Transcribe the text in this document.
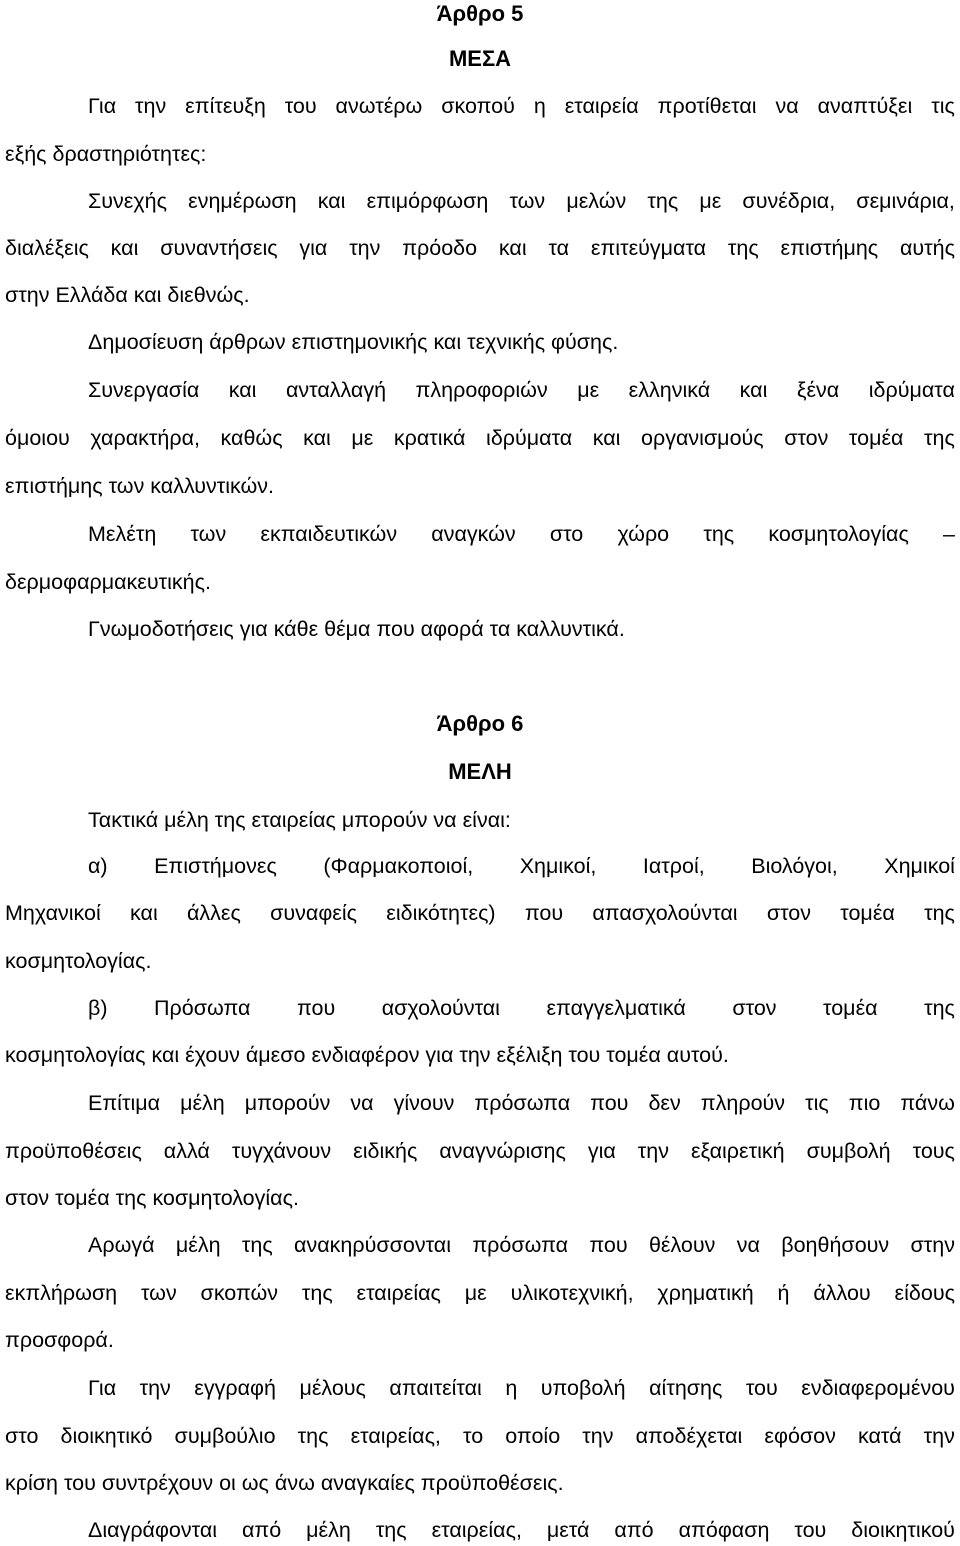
Άρθρο 5
ΜΕΣΑ
Για την επίτευξη του ανωτέρω σκοπού η εταιρεία προτίθεται να αναπτύξει τις
εξής δραστηριότητες:
Συνεχής ενημέρωση και επιμόρφωση των μελών της με συνέδρια, σεμινάρια,
διαλέξεις και συναντήσεις για την πρόοδο και τα επιτεύγματα της επιστήμης αυτής
στην Ελλάδα και διεθνώς.
Δημοσίευση άρθρων επιστημονικής και τεχνικής φύσης.
Συνεργασία και ανταλλαγή πληροφοριών με ελληνικά και ξένα ιδρύματα
όμοιου χαρακτήρα, καθώς και με κρατικά ιδρύματα και οργανισμούς στον τομέα της
επιστήμης των καλλυντικών.
Μελέτη των εκπαιδευτικών αναγκών στο χώρο της κοσμητολογίας –
δερμοφαρμακευτικής.
Γνωμοδοτήσεις για κάθε θέμα που αφορά τα καλλυντικά.
Άρθρο 6
ΜΕΛΗ
Τακτικά μέλη της εταιρείας μπορούν να είναι:
α) Επιστήμονες (Φαρμακοποιοί, Χημικοί, Ιατροί, Βιολόγοι, Χημικοί
Μηχανικοί και άλλες συναφείς ειδικότητες) που απασχολούνται στον τομέα της
κοσμητολογίας.
β) Πρόσωπα που ασχολούνται επαγγελματικά στον τομέα της
κοσμητολογίας και έχουν άμεσο ενδιαφέρον για την εξέλιξη του τομέα αυτού.
Επίτιμα μέλη μπορούν να γίνουν πρόσωπα που δεν πληρούν τις πιο πάνω
προϋποθέσεις αλλά τυγχάνουν ειδικής αναγνώρισης για την εξαιρετική συμβολή τους
στον τομέα της κοσμητολογίας.
Αρωγά μέλη της ανακηρύσσονται πρόσωπα που θέλουν να βοηθήσουν στην
εκπλήρωση των σκοπών της εταιρείας με υλικοτεχνική, χρηματική ή άλλου είδους
προσφορά.
Για την εγγραφή μέλους απαιτείται η υποβολή αίτησης του ενδιαφερομένου
στο διοικητικό συμβούλιο της εταιρείας, το οποίο την αποδέχεται εφόσον κατά την
κρίση του συντρέχουν οι ως άνω αναγκαίες προϋποθέσεις.
Διαγράφονται από μέλη της εταιρείας, μετά από απόφαση του διοικητικού
